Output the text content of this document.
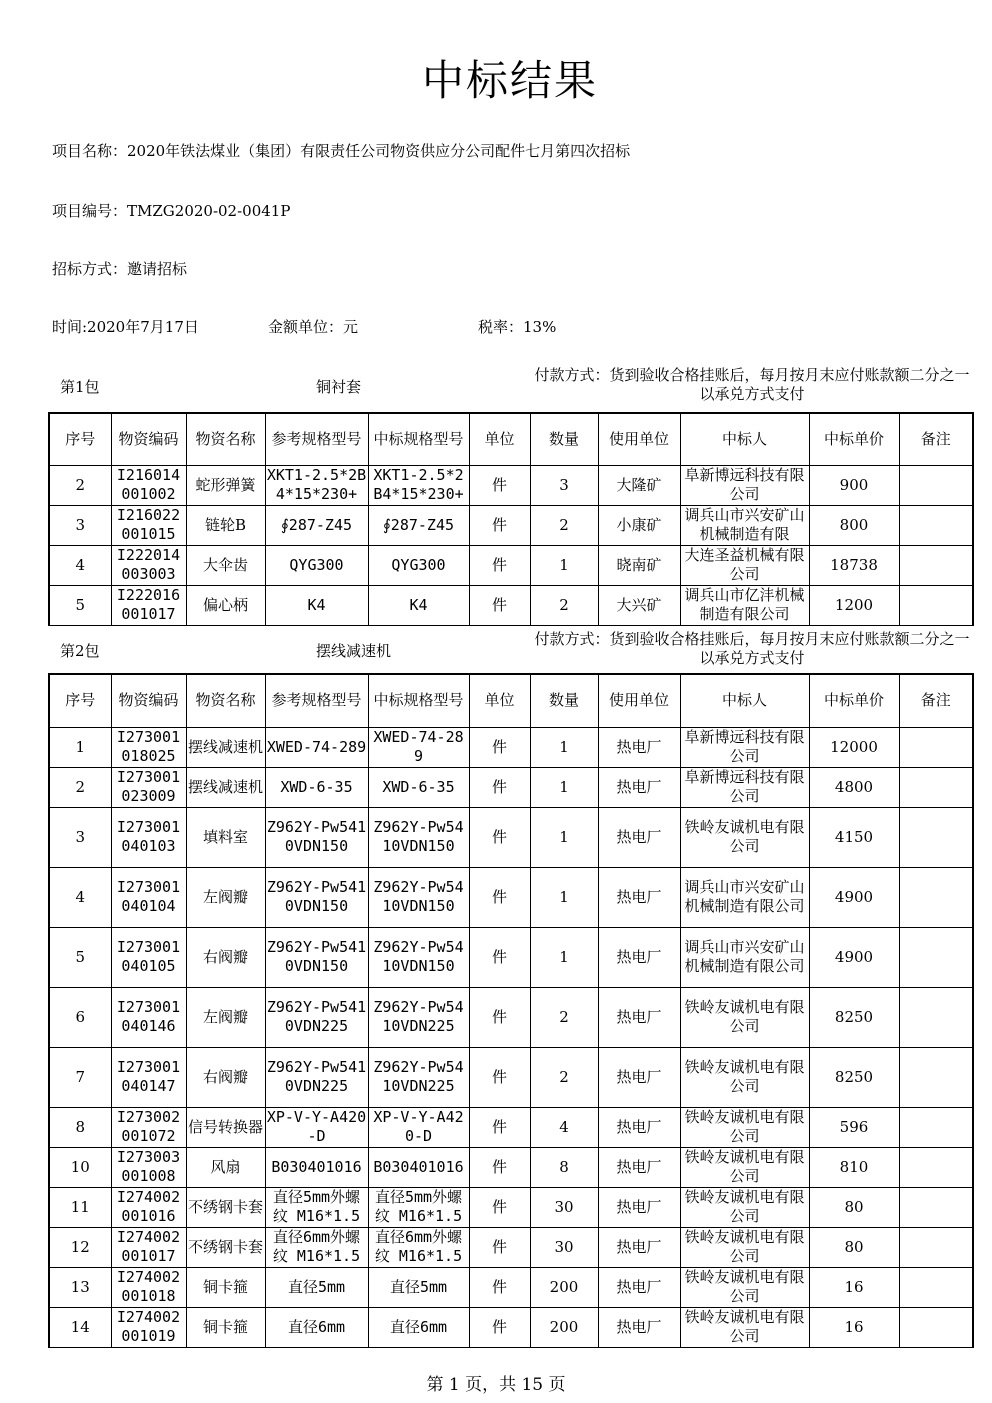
中标结果
项目名称：2020年铁法煤业（集团）有限责任公司物资供应分公司配件七月第四次招标
项目编号：TMZG2020-02-0041P
招标方式：邀请招标
时间:2020年7月17日	金额单位：元	税率：13%
第1包	铜衬套
付款方式：货到验收合格挂账后，每月按月末应付账款额二分之一以承兑方式支付
序号	物资编码	物资名称	参考规格型号	中标规格型号	单位	数量	使用单位	中标人	中标单价	备注
2	I216014001002	蛇形弹簧	XKT1-2.5*2B4*15*230+	XKT1-2.5*2B4*15*230+	件	3	大隆矿	阜新博远科技有限公司	900	
3	I216022001015	链轮B	∮287-Z45	∮287-Z45	件	2	小康矿	调兵山市兴安矿山机械制造有限	800	
4	I222014003003	大伞齿	QYG300	QYG300	件	1	晓南矿	大连圣益机械有限公司	18738	
5	I222016001017	偏心柄	K4	K4	件	2	大兴矿	调兵山市亿沣机械制造有限公司	1200	
第2包	摆线减速机
付款方式：货到验收合格挂账后，每月按月末应付账款额二分之一以承兑方式支付
序号	物资编码	物资名称	参考规格型号	中标规格型号	单位	数量	使用单位	中标人	中标单价	备注
1	I273001018025	摆线减速机	XWED-74-289	XWED-74-289	件	1	热电厂	阜新博远科技有限公司	12000	
2	I273001023009	摆线减速机	XWD-6-35	XWD-6-35	件	1	热电厂	阜新博远科技有限公司	4800	
3	I273001040103	填料室	Z962Y-Pw5410VDN150	Z962Y-Pw5410VDN150	件	1	热电厂	铁岭友诚机电有限公司	4150	
4	I273001040104	左阀瓣	Z962Y-Pw5410VDN150	Z962Y-Pw5410VDN150	件	1	热电厂	调兵山市兴安矿山机械制造有限公司	4900	
5	I273001040105	右阀瓣	Z962Y-Pw5410VDN150	Z962Y-Pw5410VDN150	件	1	热电厂	调兵山市兴安矿山机械制造有限公司	4900	
6	I273001040146	左阀瓣	Z962Y-Pw5410VDN225	Z962Y-Pw5410VDN225	件	2	热电厂	铁岭友诚机电有限公司	8250	
7	I273001040147	右阀瓣	Z962Y-Pw5410VDN225	Z962Y-Pw5410VDN225	件	2	热电厂	铁岭友诚机电有限公司	8250	
8	I273002001072	信号转换器	XP-V-Y-A420-D	XP-V-Y-A420-D	件	4	热电厂	铁岭友诚机电有限公司	596	
10	I273003001008	风扇	B030401016	B030401016	件	8	热电厂	铁岭友诚机电有限公司	810	
11	I274002001016	不绣钢卡套	直径5mm外螺纹 M16*1.5	直径5mm外螺纹 M16*1.5	件	30	热电厂	铁岭友诚机电有限公司	80	
12	I274002001017	不绣钢卡套	直径6mm外螺纹 M16*1.5	直径6mm外螺纹 M16*1.5	件	30	热电厂	铁岭友诚机电有限公司	80	
13	I274002001018	铜卡箍	直径5mm	直径5mm	件	200	热电厂	铁岭友诚机电有限公司	16	
14	I274002001019	铜卡箍	直径6mm	直径6mm	件	200	热电厂	铁岭友诚机电有限公司	16	
第 1 页，共 15 页
